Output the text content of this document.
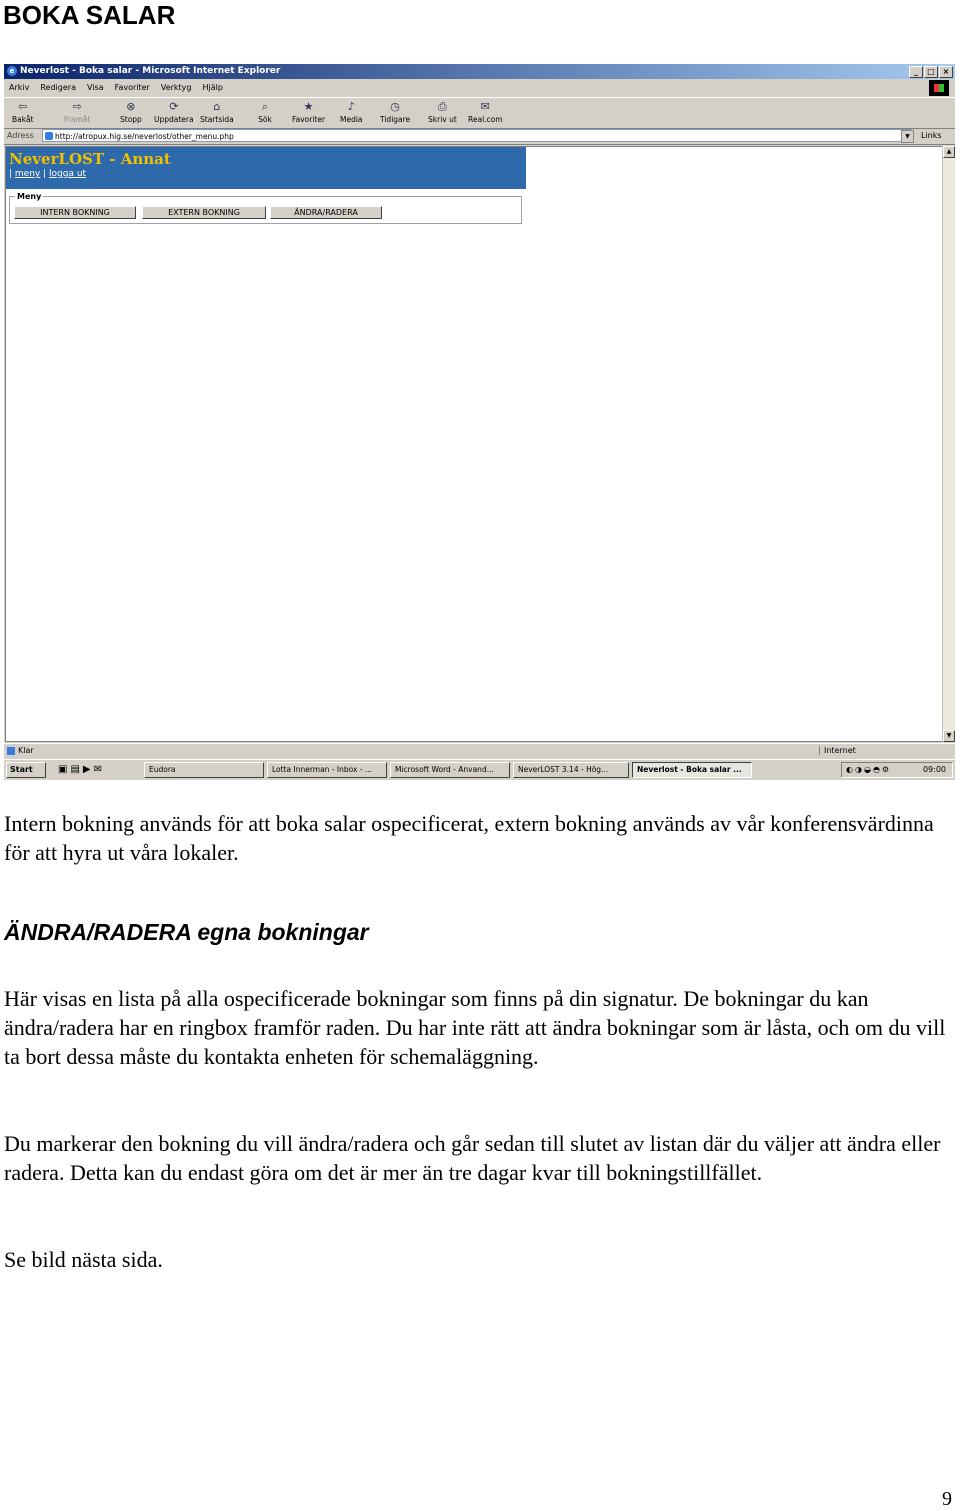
BOKA SALAR
e Neverlost - Boka salar - Microsoft Internet Explorer	_	□ ×
Arkiv Redigera Visa Favoriter Verktyg Hjälp
⇦
Bakåt
⇨
Framåt
⊗
Stopp
⟳
Uppdatera
⌂
Startsida
⌕
Sök
★
Favoriter
♪
Media
◷
Tidigare
⎙
Skriv ut
✉
Real.com
Adress	http://atropux.hig.se/neverlost/other_menu.php	▼	Links
NeverLOST - Annat
| meny | logga ut
Meny
INTERN BOKNING	EXTERN BOKNING	ÄNDRA/RADERA
▲
▼
Klar	Internet
Start	▣▤▶✉	Eudora	Lotta Innerman - Inbox - ...	Microsoft Word - Anvand...	NeverLOST 3.14 - Hög...	Neverlost - Boka salar ...	◐◑◒◓⚙	09:00

Intern bokning används för att boka salar ospecificerat, extern bokning används av vår konferensvärdinna för att hyra ut våra lokaler.

ÄNDRA/RADERA egna bokningar

Här visas en lista på alla ospecificerade bokningar som finns på din signatur. De bokningar du kan ändra/radera har en ringbox framför raden. Du har inte rätt att ändra bokningar som är låsta, och om du vill ta bort dessa måste du kontakta enheten för schemaläggning.

Du markerar den bokning du vill ändra/radera och går sedan till slutet av listan där du väljer att ändra eller radera. Detta kan du endast göra om det är mer än tre dagar kvar till bokningstillfället.

Se bild nästa sida.

9
